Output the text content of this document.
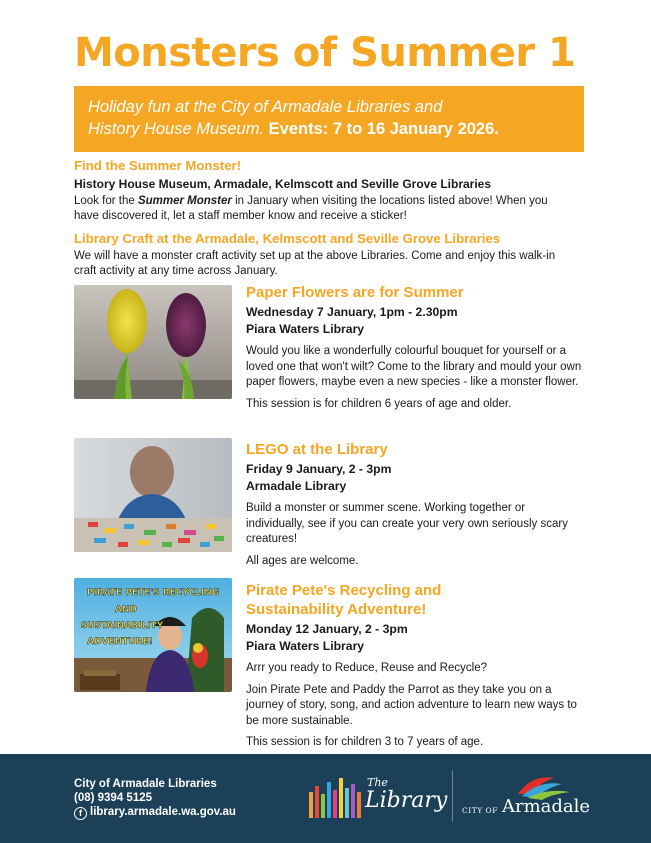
Monsters of Summer 1
Holiday fun at the City of Armadale Libraries and
History House Museum. Events: 7 to 16 January 2026.
Find the Summer Monster!
History House Museum, Armadale, Kelmscott and Seville Grove Libraries
Look for the Summer Monster in January when visiting the locations listed above! When you
have discovered it, let a staff member know and receive a sticker!
Library Craft at the Armadale, Kelmscott and Seville Grove Libraries
We will have a monster craft activity set up at the above Libraries. Come and enjoy this walk-in
craft activity at any time across January.
Paper Flowers are for Summer
Wednesday 7 January, 1pm - 2.30pm
Piara Waters Library

Would you like a wonderfully colourful bouquet for yourself or a loved one that won't wilt? Come to the library and mould your own paper flowers, maybe even a new species - like a monster flower.

This session is for children 6 years of age and older.

LEGO at the Library
Friday 9 January, 2 - 3pm
Armadale Library

Build a monster or summer scene. Working together or individually, see if you can create your very own seriously scary creatures!

All ages are welcome.

PIRATE PETE'S RECYCLING
AND
SUSTAINABILITY
ADVENTURE!
Pirate Pete's Recycling and Sustainability Adventure!
Monday 12 January, 2 - 3pm
Piara Waters Library

Arrr you ready to Reduce, Reuse and Recycle?

Join Pirate Pete and Paddy the Parrot as they take you on a journey of story, song, and action adventure to learn new ways to be more sustainable.

This session is for children 3 to 7 years of age.

City of Armadale Libraries
(08) 9394 5125
f library.armadale.wa.gov.au
The
Library CITY OF Armadale
